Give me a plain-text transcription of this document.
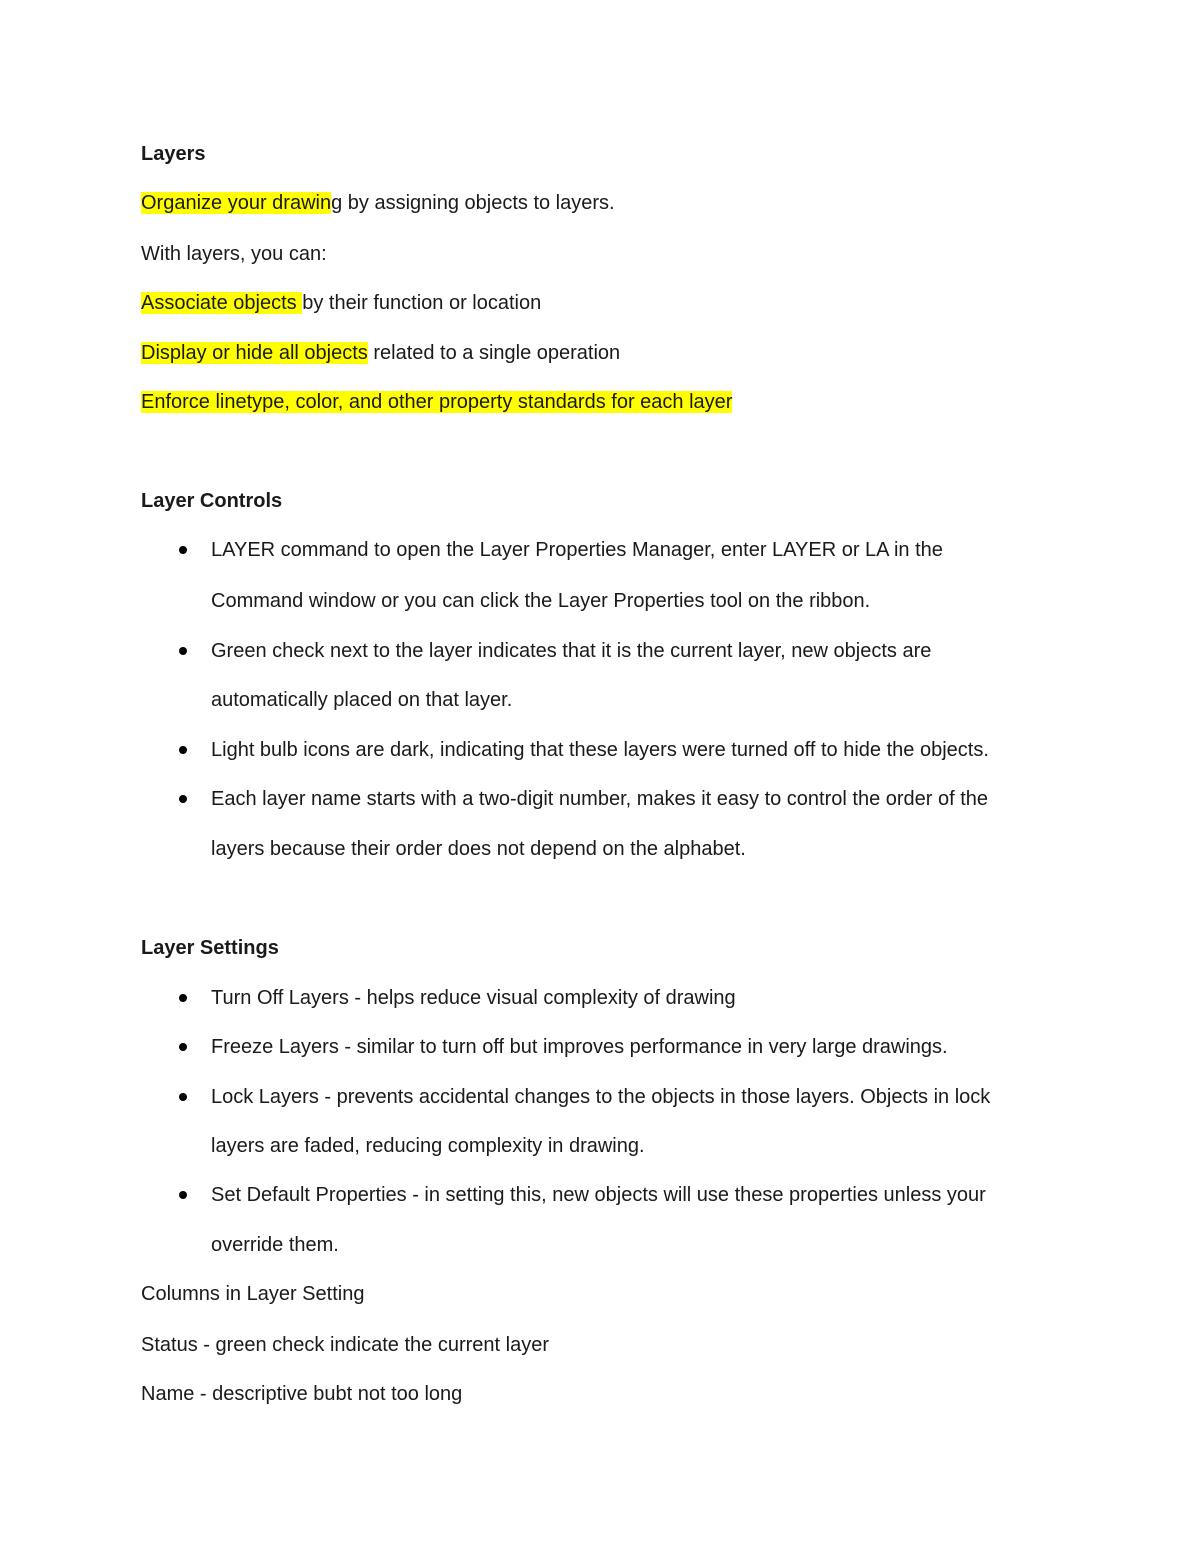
Layers
Organize your drawing by assigning objects to layers.
With layers, you can:
Associate objects by their function or location
Display or hide all objects related to a single operation
Enforce linetype, color, and other property standards for each layer
Layer Controls
LAYER command to open the Layer Properties Manager, enter LAYER or LA in the
Command window or you can click the Layer Properties tool on the ribbon.
Green check next to the layer indicates that it is the current layer, new objects are
automatically placed on that layer.
Light bulb icons are dark, indicating that these layers were turned off to hide the objects.
Each layer name starts with a two-digit number, makes it easy to control the order of the
layers because their order does not depend on the alphabet.
Layer Settings
Turn Off Layers - helps reduce visual complexity of drawing
Freeze Layers - similar to turn off but improves performance in very large drawings.
Lock Layers - prevents accidental changes to the objects in those layers. Objects in lock
layers are faded, reducing complexity in drawing.
Set Default Properties - in setting this, new objects will use these properties unless your
override them.
Columns in Layer Setting
Status - green check indicate the current layer
Name - descriptive bubt not too long
